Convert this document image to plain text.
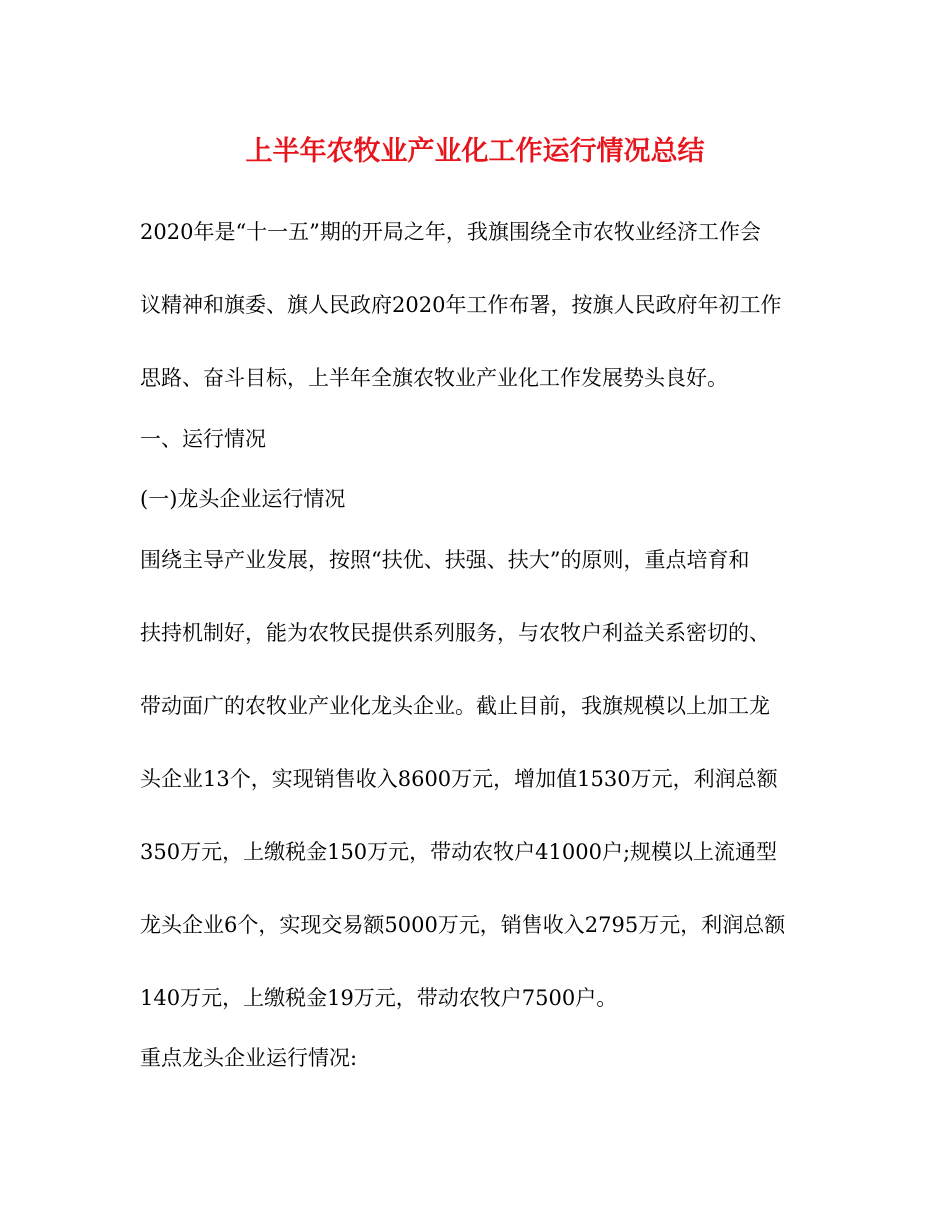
上半年农牧业产业化工作运行情况总结
2020年是“十一五”期的开局之年，我旗围绕全市农牧业经济工作会
议精神和旗委、旗人民政府2020年工作布署，按旗人民政府年初工作
思路、奋斗目标，上半年全旗农牧业产业化工作发展势头良好。
一、运行情况
(一)龙头企业运行情况
围绕主导产业发展，按照“扶优、扶强、扶大”的原则，重点培育和
扶持机制好，能为农牧民提供系列服务，与农牧户利益关系密切的、
带动面广的农牧业产业化龙头企业。截止目前，我旗规模以上加工龙
头企业13个，实现销售收入8600万元，增加值1530万元，利润总额
350万元，上缴税金150万元，带动农牧户41000户;规模以上流通型
龙头企业6个，实现交易额5000万元，销售收入2795万元，利润总额
140万元，上缴税金19万元，带动农牧户7500户。
重点龙头企业运行情况:
